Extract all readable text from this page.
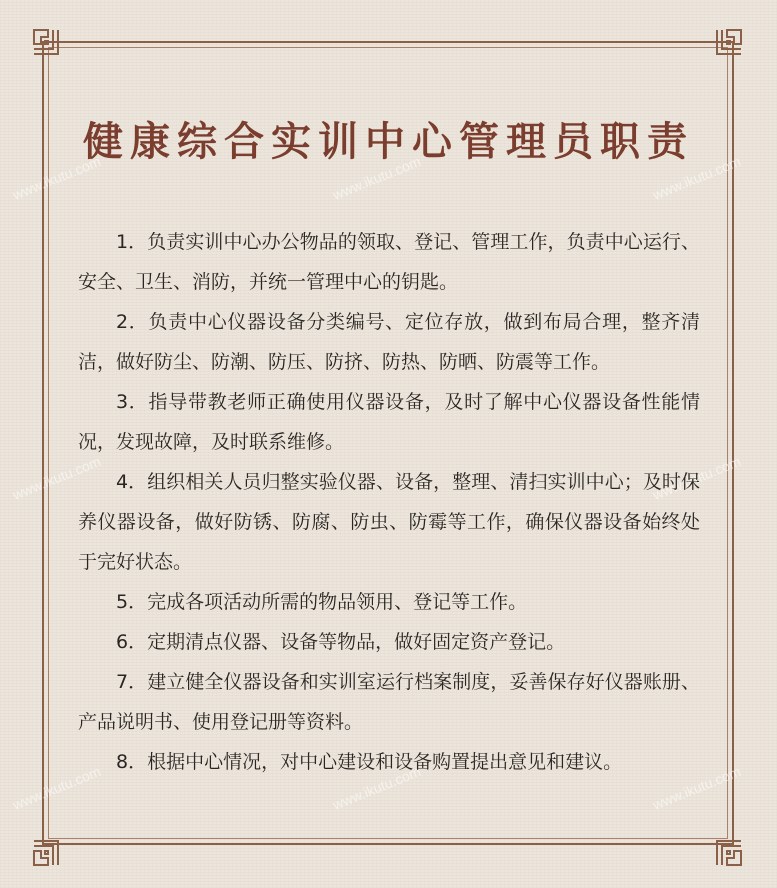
www.ikutu.com	www.ikutu.com	www.ikutu.com
www.ikutu.com	www.ikutu.com
www.ikutu.com	www.ikutu.com	www.ikutu.com
健康综合实训中心管理员职责

1．负责实训中心办公物品的领取、登记、管理工作，负责中心运行、安全、卫生、消防，并统一管理中心的钥匙。

2．负责中心仪器设备分类编号、定位存放，做到布局合理，整齐清洁，做好防尘、防潮、防压、防挤、防热、防晒、防震等工作。

3．指导带教老师正确使用仪器设备，及时了解中心仪器设备性能情况，发现故障，及时联系维修。

4．组织相关人员归整实验仪器、设备，整理、清扫实训中心；及时保养仪器设备，做好防锈、防腐、防虫、防霉等工作，确保仪器设备始终处于完好状态。

5．完成各项活动所需的物品领用、登记等工作。

6．定期清点仪器、设备等物品，做好固定资产登记。

7．建立健全仪器设备和实训室运行档案制度，妥善保存好仪器账册、产品说明书、使用登记册等资料。

8．根据中心情况，对中心建设和设备购置提出意见和建议。
